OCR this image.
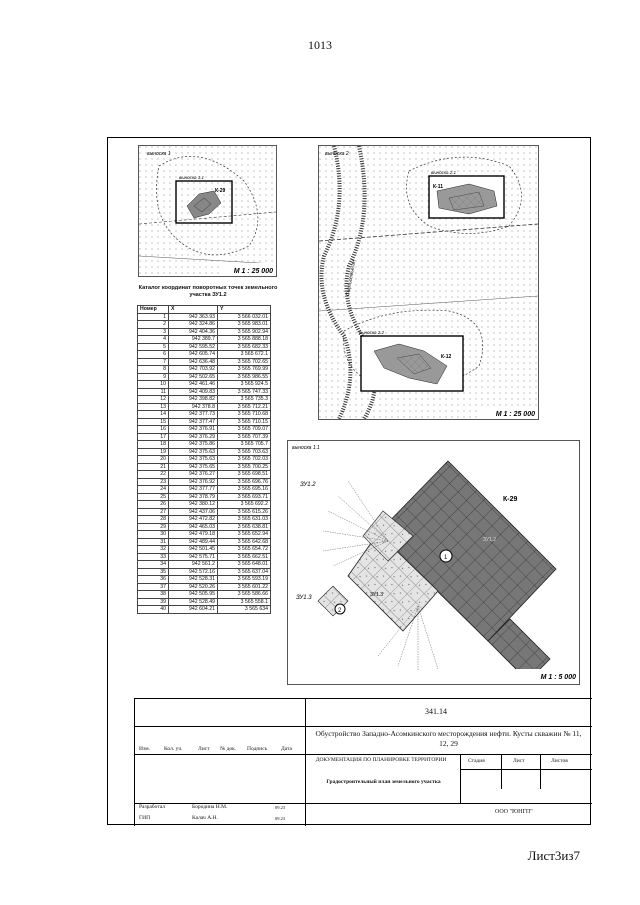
1013
выноска 1
выноска 1.1
К-29
М 1 : 25 000
выноска 2
выноска 2.1
К-11
выноска 2.2
К-12
Сыртьсемьёган
М 1 : 25 000
Каталог координат поворотных точек земельного участка ЗУ1.2
Номер	X	Y
1	942 363.93	3 566 032.01
2	942 324.86	3 565 983.01
3	942 404.36	3 565 902.94
4	942 389.7	3 565 888.18
5	942 595.52	3 565 682.33
6	942 605.74	3 565 672.1
7	942 636.48	3 565 702.65
8	942 703.92	3 565 769.99
9	942 502.65	3 565 986.55
10	942 461.46	3 565 924.5
11	942 409.83	3 565 747.33
12	942 398.82	3 565 735.3
13	942 378.8	3 565 712.21
14	942 377.73	3 565 710.68
15	942 377.47	3 565 710.15
16	942 376.91	3 565 709.07
17	942 376.29	3 565 707.39
18	942 375.86	3 565 705.7
19	942 375.63	3 565 703.63
20	942 375.63	3 565 702.03
21	942 375.65	3 565 700.25
22	942 376.27	3 565 698.51
23	942 376.92	3 565 696.76
24	942 377.77	3 565 695.16
25	942 378.79	3 565 693.71
26	942 380.12	3 565 692.2
27	942 437.06	3 565 615.26
28	942 472.82	3 565 631.03
29	942 465.03	3 565 638.81
30	942 479.18	3 565 652.94
31	942 489.44	3 565 642.68
32	942 501.45	3 565 654.72
33	942 575.71	3 565 662.51
34	942 561.2	3 565 648.01
35	942 572.16	3 565 637.04
36	942 528.31	3 565 593.19
37	942 520.26	3 565 601.22
38	942 505.95	3 565 586.66
39	942 528.49	3 565 558.1
40	942 604.21	3 565 634
выноска 1.1
ЗУ1.2
ЗУ1.3
К-29
ЗУ1.2
ЗУ1.3
1
2
М 1 : 5 000
341.14
Обустройство Западно-Асомкинского месторождения нефти. Кусты скважин № 11, 12, 29
Изм.	Кол. уч.	Лист № док. Подпись	Дата
ДОКУМЕНТАЦИЯ ПО ПЛАНИРОВКЕ ТЕРРИТОРИИ
Градостроительный план земельного участка
Стадия	Лист	Листов
Разработал	Бородина Н.М.	09.23
ГИП	Калач А.Н.	09.23
ООО "ЮНГП"
Лист3из7
